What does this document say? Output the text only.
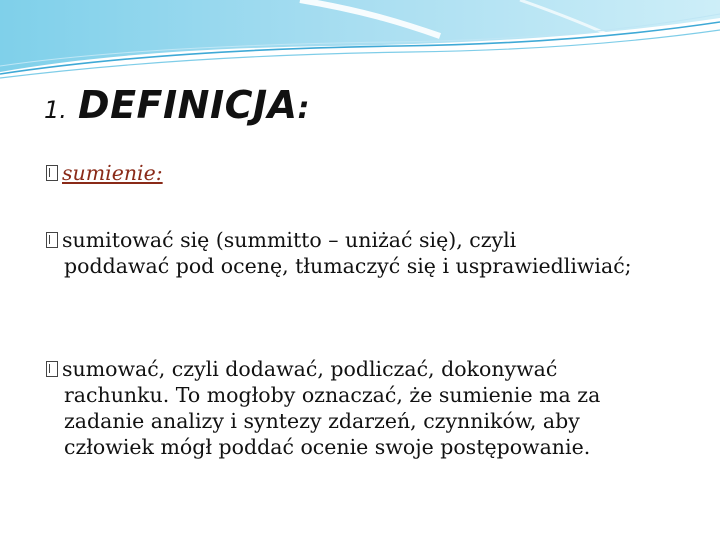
1. DEFINICJA:

sumienie:

sumitować się (summitto – uniżać się), czyli
poddawać pod ocenę, tłumaczyć się i usprawiedliwiać;

sumować, czyli dodawać, podliczać, dokonywać
rachunku. To mogłoby oznaczać, że sumienie ma za
zadanie analizy i syntezy zdarzeń, czynników, aby
człowiek mógł poddać ocenie swoje postępowanie.
